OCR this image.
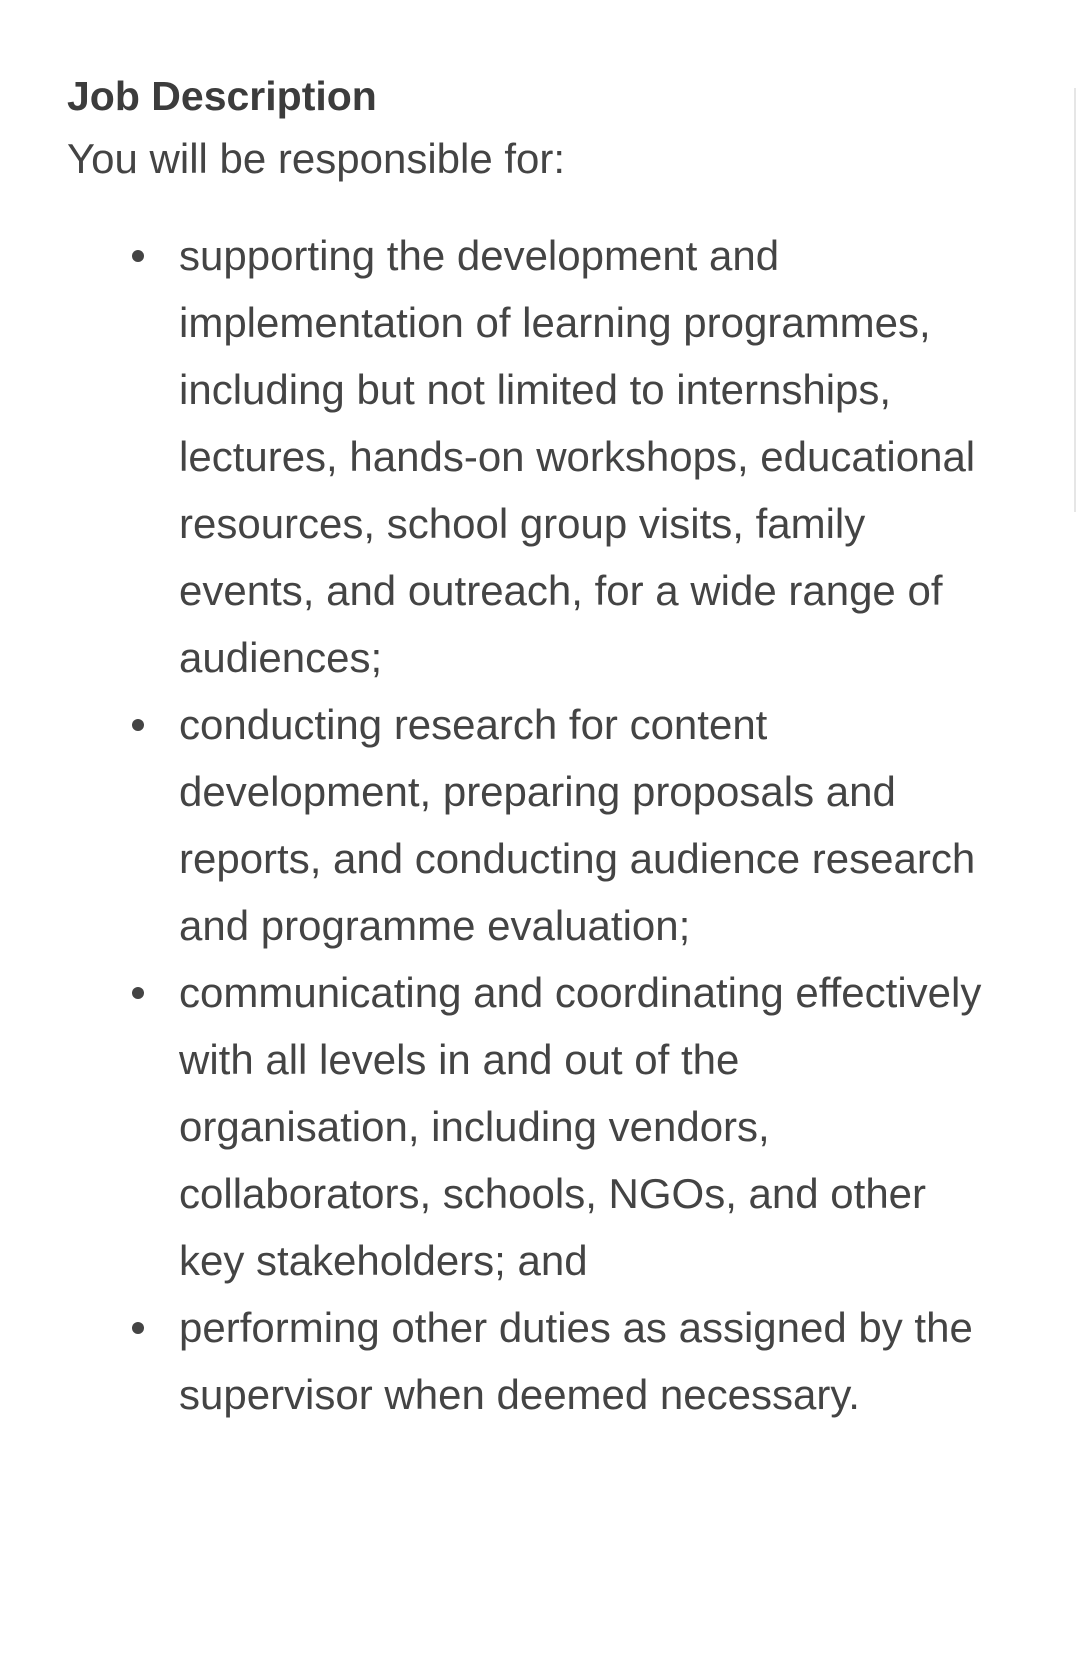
Job Description

You will be responsible for:

supporting the development and implementation of learning programmes, including but not limited to internships, lectures, hands-on workshops, educational resources, school group visits, family events, and outreach, for a wide range of audiences;
conducting research for content development, preparing proposals and reports, and conducting audience research and programme evaluation;
communicating and coordinating effectively with all levels in and out of the organisation, including vendors, collaborators, schools, NGOs, and other key stakeholders; and
performing other duties as assigned by the supervisor when deemed necessary.
